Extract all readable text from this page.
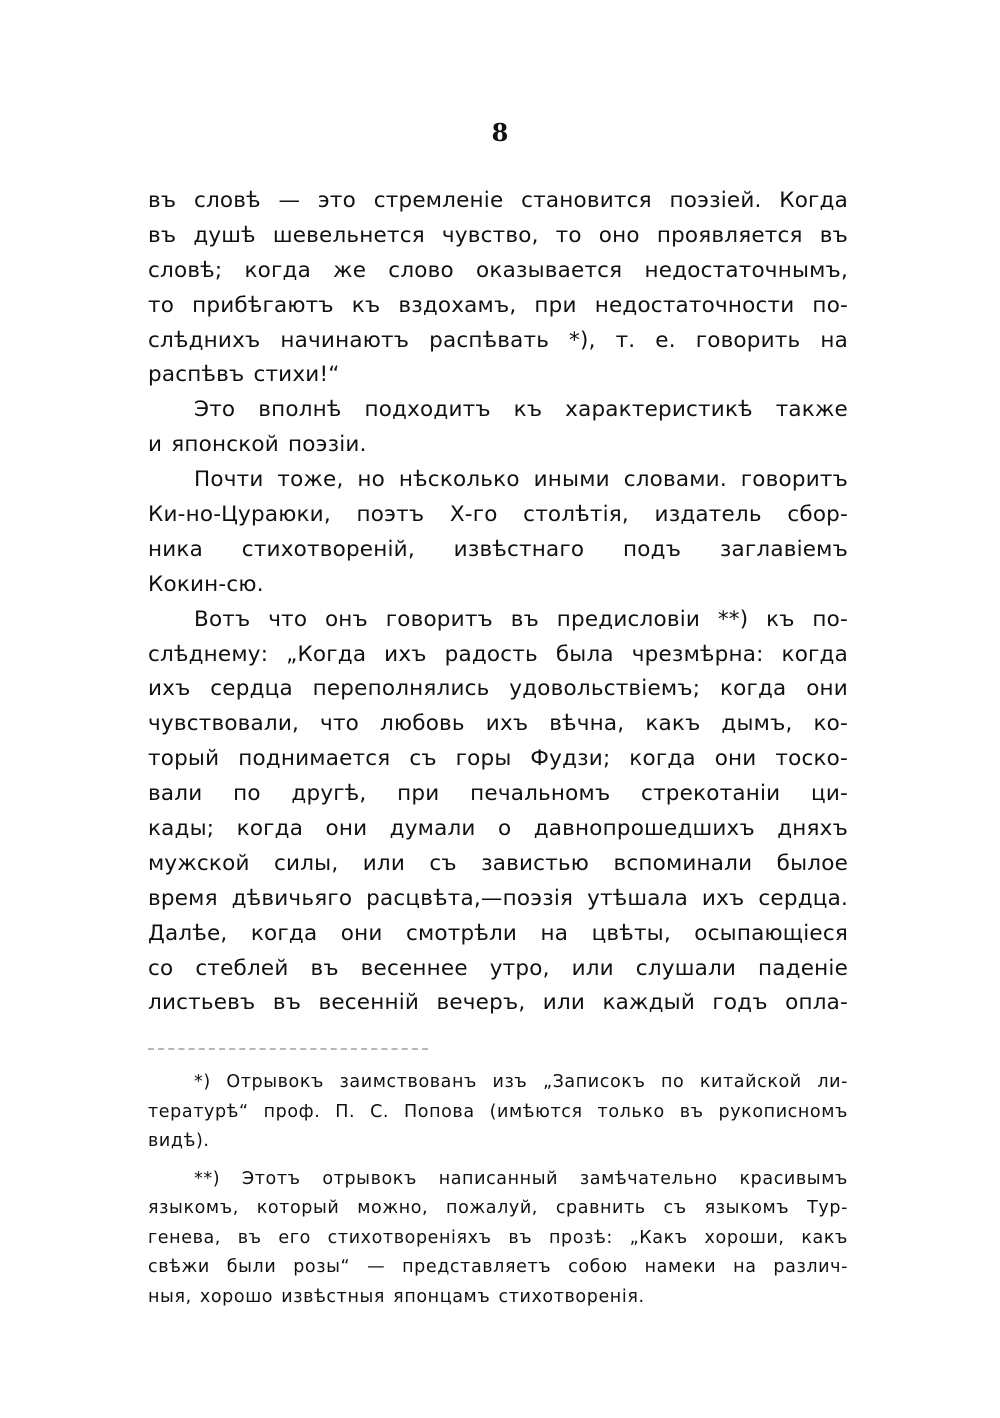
8
въ словѣ — это стремленіе становится поэзіей. Когда
въ душѣ шевельнется чувство, то оно проявляется въ
словѣ; когда же слово оказывается недостаточнымъ,
то прибѣгаютъ къ вздохамъ, при недостаточности по-
слѣднихъ начинаютъ распѣвать *), т. е. говорить на
распѣвъ стихи!“
Это вполнѣ подходитъ къ характеристикѣ также
и японской поэзіи.
Почти тоже, но нѣсколько иными словами. говоритъ
Ки-но-Цураюки, поэтъ Х-го столѣтія, издатель сбор-
ника стихотвореній, извѣстнаго подъ заглавіемъ
Кокин-сю.
Вотъ что онъ говоритъ въ предисловіи **) къ по-
слѣднему: „Когда ихъ радость была чрезмѣрна: когда
ихъ сердца переполнялись удовольствіемъ; когда они
чувствовали, что любовь ихъ вѣчна, какъ дымъ, ко-
торый поднимается съ горы Фудзи; когда они тоско-
вали по другѣ, при печальномъ стрекотаніи ци-
кады; когда они думали о давнопрошедшихъ дняхъ
мужской силы, или съ завистью вспоминали былое
время дѣвичьяго расцвѣта,—поэзія утѣшала ихъ сердца.
Далѣе, когда они смотрѣли на цвѣты, осыпающіеся
со стеблей въ весеннее утро, или слушали паденіе
листьевъ въ весенній вечеръ, или каждый годъ опла-
*) Отрывокъ заимствованъ изъ „Записокъ по китайской ли-
тературѣ“ проф. П. С. Попова (имѣются только въ рукописномъ
видѣ).
**) Этотъ отрывокъ написанный замѣчательно красивымъ
языкомъ, который можно, пожалуй, сравнить съ языкомъ Тур-
генева, въ его стихотвореніяхъ въ прозѣ: „Какъ хороши, какъ
свѣжи были розы“ — представляетъ собою намеки на различ-
ныя, хорошо извѣстныя японцамъ стихотворенія.
